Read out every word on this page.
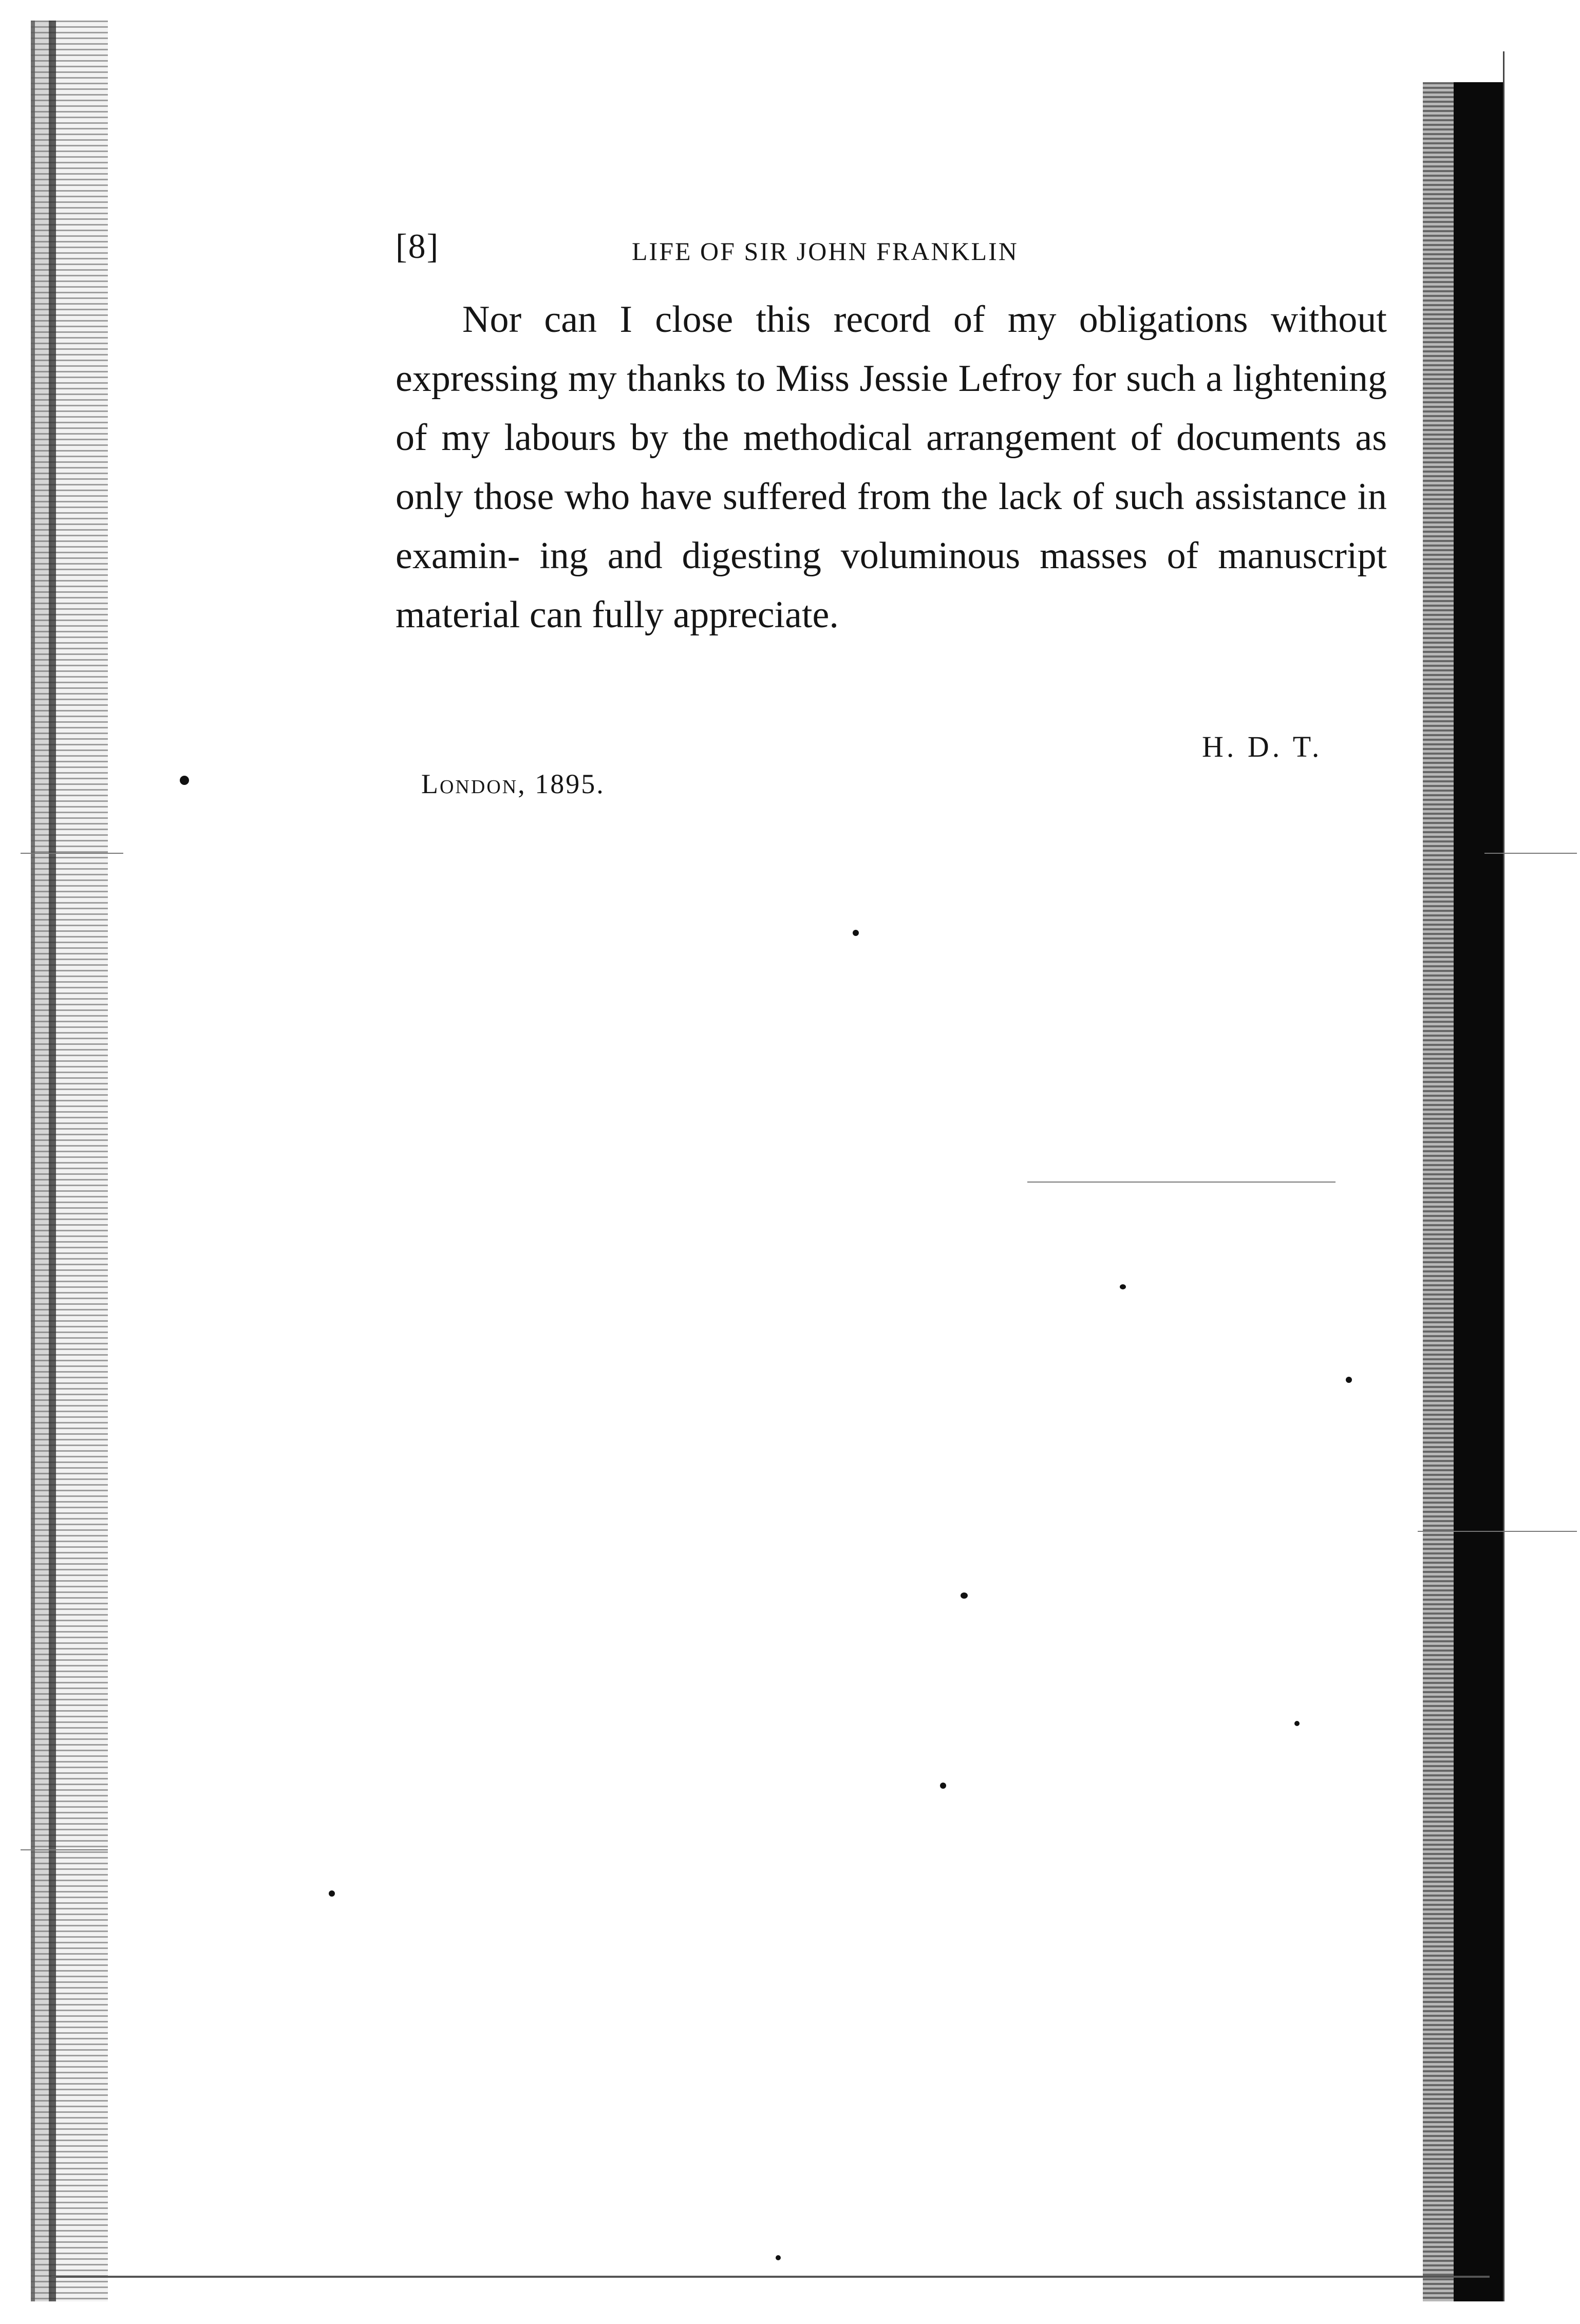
[8]	LIFE OF SIR JOHN FRANKLIN
Nor can I close this record of my obligations without expressing my thanks to Miss Jessie Lefroy for such a lightening of my labours by the methodical arrangement of documents as only those who have suffered from the lack of such assistance in examin- ing and digesting voluminous masses of manuscript material can fully appreciate.
H. D. T.
London, 1895.
